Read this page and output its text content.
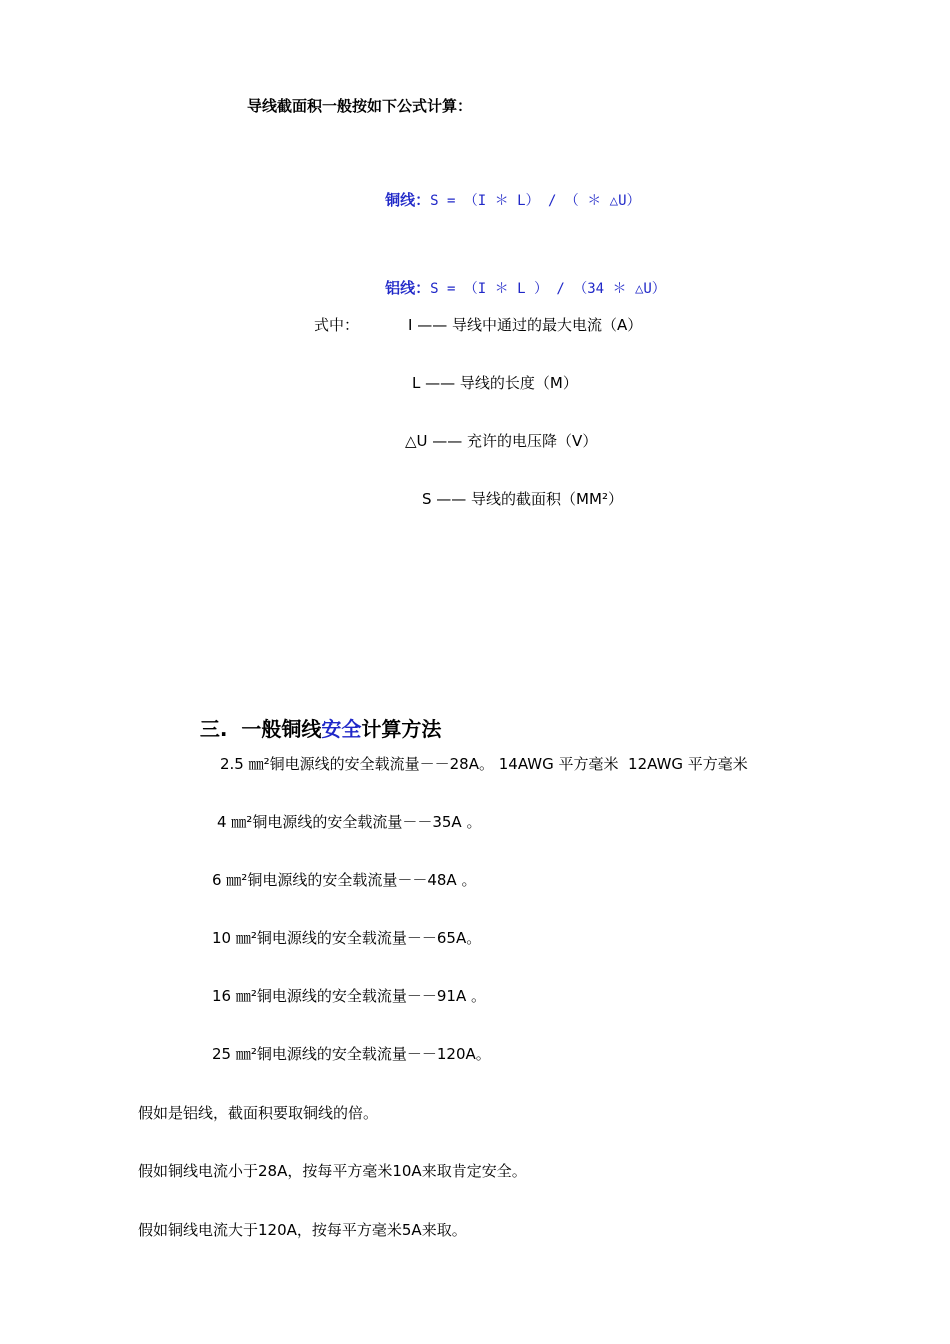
导线截面积一般按如下公式计算：

铜线：S = （I ＊ L） / （ ＊ △U）

铝线：S = （I ＊ L ） / （34 ＊ △U）

式中：	I —— 导线中通过的最大电流（A）
L —— 导线的长度（M）
△U —— 充许的电压降（V）
S —— 导线的截面积（MM²）

三. 一般铜线安全计算方法

2.5 ㎜²铜电源线的安全载流量－－28A。 14AWG 平方毫米  12AWG 平方毫米
4 ㎜²铜电源线的安全载流量－－35A 。
6 ㎜²铜电源线的安全载流量－－48A 。
10 ㎜²铜电源线的安全载流量－－65A。
16 ㎜²铜电源线的安全载流量－－91A 。
25 ㎜²铜电源线的安全载流量－－120A。
假如是铝线，截面积要取铜线的倍。
假如铜线电流小于28A，按每平方毫米10A来取肯定安全。
假如铜线电流大于120A，按每平方毫米5A来取。
